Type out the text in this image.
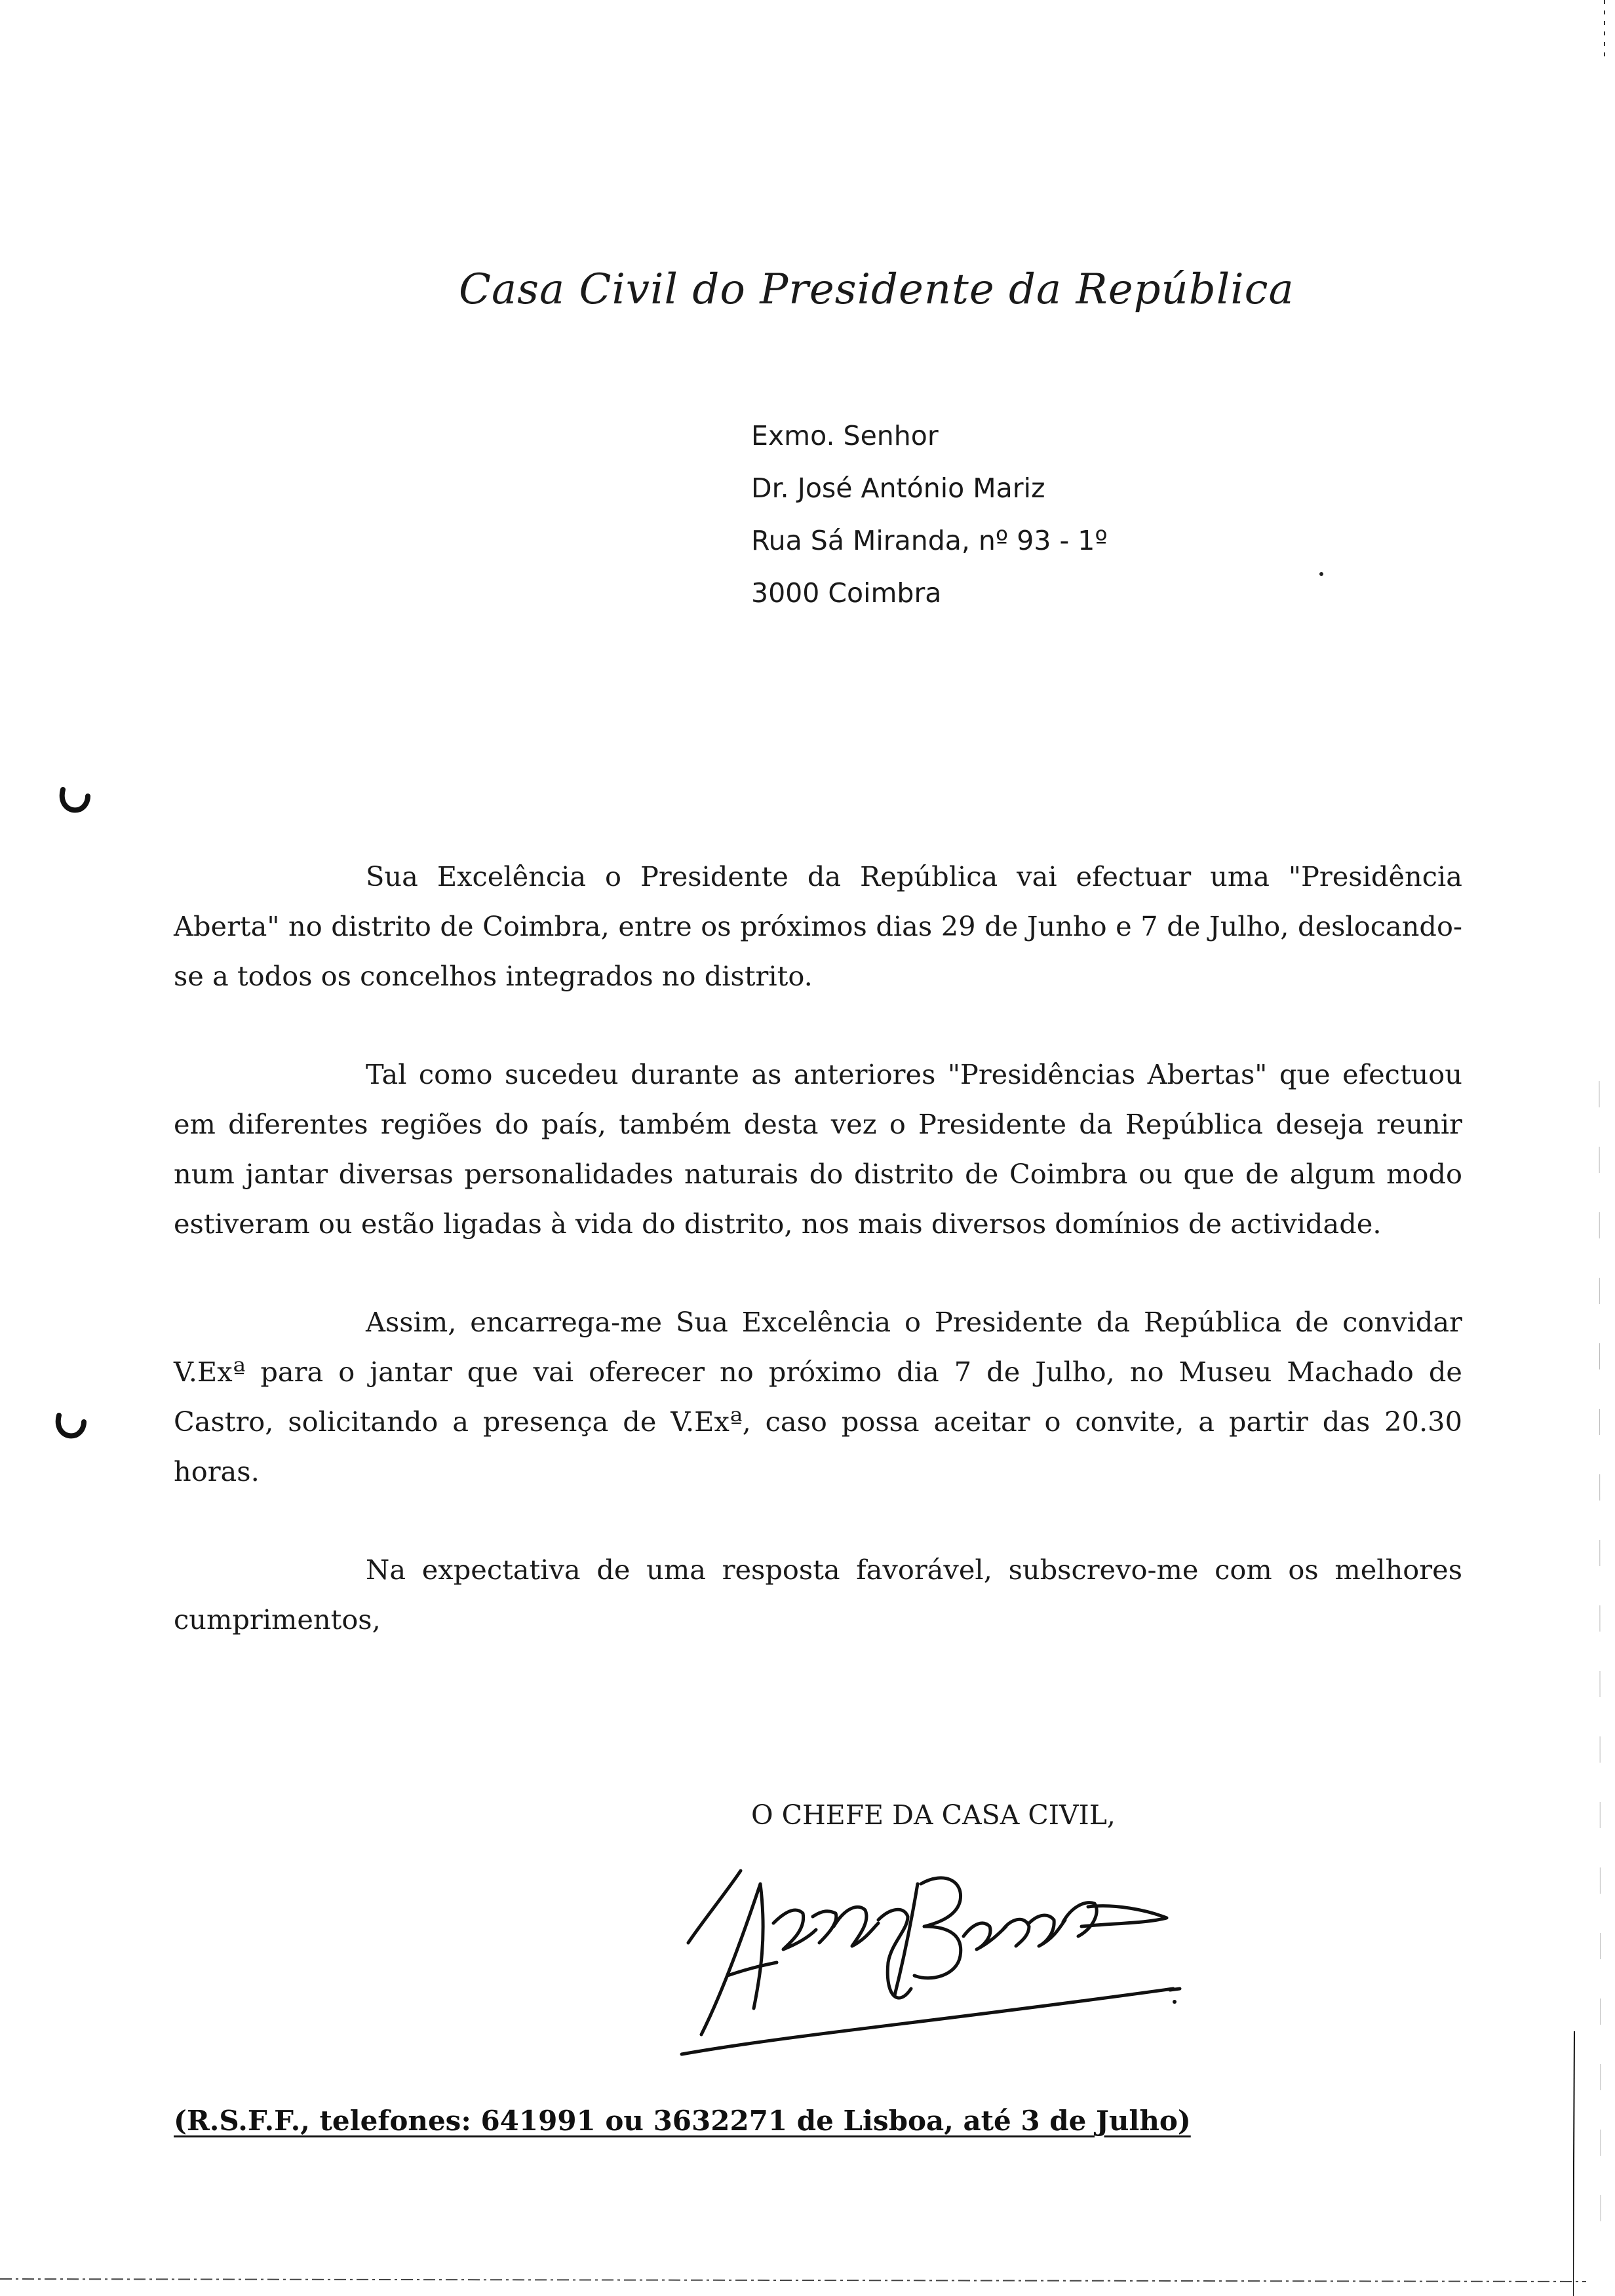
Casa Civil do Presidente da República
Exmo. Senhor
Dr. José António Mariz
Rua Sá Miranda, nº 93 - 1º
3000 Coimbra

Sua Excelência o Presidente da República vai efectuar uma "Presidência Aberta" no distrito de Coimbra, entre os próximos dias 29 de Junho e 7 de Julho, deslocando-se a todos os concelhos integrados no distrito.

Tal como sucedeu durante as anteriores "Presidências Abertas" que efectuou em diferentes regiões do país, também desta vez o Presidente da República deseja reunir num jantar diversas personalidades naturais do distrito de Coimbra ou que de algum modo estiveram ou estão ligadas à vida do distrito, nos mais diversos domínios de actividade.

Assim, encarrega-me Sua Excelência o Presidente da República de convidar V.Exª para o jantar que vai oferecer no próximo dia 7 de Julho, no Museu Machado de Castro, solicitando a presença de V.Exª, caso possa aceitar o convite, a partir das 20.30 horas.

Na expectativa de uma resposta favorável, subscrevo-me com os melhores cumprimentos,

O CHEFE DA CASA CIVIL,
(R.S.F.F., telefones: 641991 ou 3632271 de Lisboa, até 3 de Julho)
